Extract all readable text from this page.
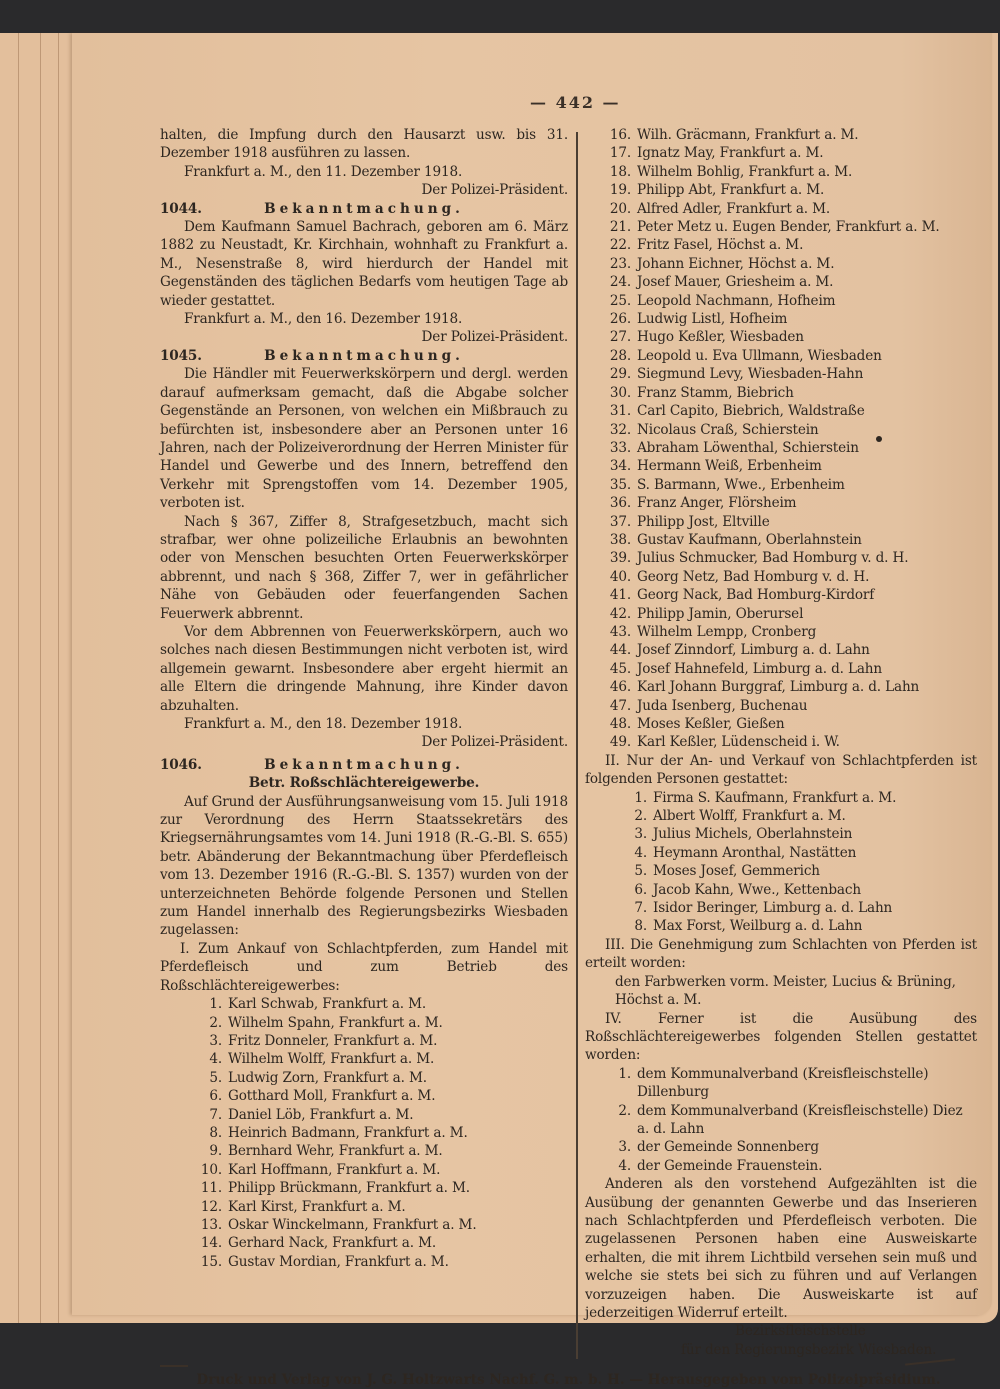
— 442 —

halten, die Impfung durch den Hausarzt usw. bis 31. Dezember 1918 ausführen zu lassen.

Frankfurt a. M., den 11. Dezember 1918.

Der Polizei-Präsident.

1044.	Bekanntmachung.

Dem Kaufmann Samuel Bachrach, geboren am 6. März 1882 zu Neustadt, Kr. Kirchhain, wohnhaft zu Frankfurt a. M., Nesenstraße 8, wird hierdurch der Handel mit Gegenständen des täglichen Bedarfs vom heutigen Tage ab wieder gestattet.

Frankfurt a. M., den 16. Dezember 1918.

Der Polizei-Präsident.

1045.	Bekanntmachung.

Die Händler mit Feuerwerkskörpern und dergl. werden darauf aufmerksam gemacht, daß die Abgabe solcher Gegenstände an Personen, von welchen ein Mißbrauch zu befürchten ist, insbesondere aber an Personen unter 16 Jahren, nach der Polizeiverordnung der Herren Minister für Handel und Gewerbe und des Innern, betreffend den Verkehr mit Sprengstoffen vom 14. Dezember 1905, verboten ist.

Nach § 367, Ziffer 8, Strafgesetzbuch, macht sich strafbar, wer ohne polizeiliche Erlaubnis an bewohnten oder von Menschen besuchten Orten Feuerwerkskörper abbrennt, und nach § 368, Ziffer 7, wer in gefährlicher Nähe von Gebäuden oder feuerfangenden Sachen Feuerwerk abbrennt.

Vor dem Abbrennen von Feuerwerkskörpern, auch wo solches nach diesen Bestimmungen nicht verboten ist, wird allgemein gewarnt. Insbesondere aber ergeht hiermit an alle Eltern die dringende Mahnung, ihre Kinder davon abzuhalten.

Frankfurt a. M., den 18. Dezember 1918.

Der Polizei-Präsident.

1046.	Bekanntmachung.

Betr. Roßschlächtereigewerbe.

Auf Grund der Ausführungsanweisung vom 15. Juli 1918 zur Verordnung des Herrn Staatssekretärs des Kriegsernährungsamtes vom 14. Juni 1918 (R.-G.-Bl. S. 655) betr. Abänderung der Bekanntmachung über Pferdefleisch vom 13. Dezember 1916 (R.-G.-Bl. S. 1357) wurden von der unterzeichneten Behörde folgende Personen und Stellen zum Handel innerhalb des Regierungsbezirks Wiesbaden zugelassen:

I. Zum Ankauf von Schlachtpferden, zum Handel mit Pferdefleisch und zum Betrieb des Roßschlächtereigewerbes:

1. Karl Schwab, Frankfurt a. M.
2. Wilhelm Spahn, Frankfurt a. M.
3. Fritz Donneler, Frankfurt a. M.
4. Wilhelm Wolff, Frankfurt a. M.
5. Ludwig Zorn, Frankfurt a. M.
6. Gotthard Moll, Frankfurt a. M.
7. Daniel Löb, Frankfurt a. M.
8. Heinrich Badmann, Frankfurt a. M.
9. Bernhard Wehr, Frankfurt a. M.
10. Karl Hoffmann, Frankfurt a. M.
11. Philipp Brückmann, Frankfurt a. M.
12. Karl Kirst, Frankfurt a. M.
13. Oskar Winckelmann, Frankfurt a. M.
14. Gerhard Nack, Frankfurt a. M.
15. Gustav Mordian, Frankfurt a. M.
16. Wilh. Gräcmann, Frankfurt a. M.
17. Ignatz May, Frankfurt a. M.
18. Wilhelm Bohlig, Frankfurt a. M.
19. Philipp Abt, Frankfurt a. M.
20. Alfred Adler, Frankfurt a. M.
21. Peter Metz u. Eugen Bender, Frankfurt a. M.
22. Fritz Fasel, Höchst a. M.
23. Johann Eichner, Höchst a. M.
24. Josef Mauer, Griesheim a. M.
25. Leopold Nachmann, Hofheim
26. Ludwig Listl, Hofheim
27. Hugo Keßler, Wiesbaden
28. Leopold u. Eva Ullmann, Wiesbaden
29. Siegmund Levy, Wiesbaden-Hahn
30. Franz Stamm, Biebrich
31. Carl Capito, Biebrich, Waldstraße
32. Nicolaus Craß, Schierstein
33. Abraham Löwenthal, Schierstein
34. Hermann Weiß, Erbenheim
35. S. Barmann, Wwe., Erbenheim
36. Franz Anger, Flörsheim
37. Philipp Jost, Eltville
38. Gustav Kaufmann, Oberlahnstein
39. Julius Schmucker, Bad Homburg v. d. H.
40. Georg Netz, Bad Homburg v. d. H.
41. Georg Nack, Bad Homburg-Kirdorf
42. Philipp Jamin, Oberursel
43. Wilhelm Lempp, Cronberg
44. Josef Zinndorf, Limburg a. d. Lahn
45. Josef Hahnefeld, Limburg a. d. Lahn
46. Karl Johann Burggraf, Limburg a. d. Lahn
47. Juda Isenberg, Buchenau
48. Moses Keßler, Gießen
49. Karl Keßler, Lüdenscheid i. W.

II. Nur der An- und Verkauf von Schlachtpferden ist folgenden Personen gestattet:

1. Firma S. Kaufmann, Frankfurt a. M.
2. Albert Wolff, Frankfurt a. M.
3. Julius Michels, Oberlahnstein
4. Heymann Aronthal, Nastätten
5. Moses Josef, Gemmerich
6. Jacob Kahn, Wwe., Kettenbach
7. Isidor Beringer, Limburg a. d. Lahn
8. Max Forst, Weilburg a. d. Lahn

III. Die Genehmigung zum Schlachten von Pferden ist erteilt worden:

den Farbwerken vorm. Meister, Lucius & Brüning, Höchst a. M.

IV. Ferner ist die Ausübung des Roßschlächtereigewerbes folgenden Stellen gestattet worden:

1. dem Kommunalverband (Kreisfleischstelle) Dillenburg
2. dem Kommunalverband (Kreisfleischstelle) Diez a. d. Lahn
3. der Gemeinde Sonnenberg
4. der Gemeinde Frauenstein.

Anderen als den vorstehend Aufgezählten ist die Ausübung der genannten Gewerbe und das Inserieren nach Schlachtpferden und Pferdefleisch verboten. Die zugelassenen Personen haben eine Ausweiskarte erhalten, die mit ihrem Lichtbild versehen sein muß und welche sie stets bei sich zu führen und auf Verlangen vorzuzeigen haben. Die Ausweiskarte ist auf jederzeitigen Widerruf erteilt.

Bezirksfleischstelle

für den Regierungsbezirk Wiesbaden.

Druck und Verlag von J. G. Holtzwarts Nachf. G. m. b. H. — Herausgegeben vom Polizeipräsidium.
